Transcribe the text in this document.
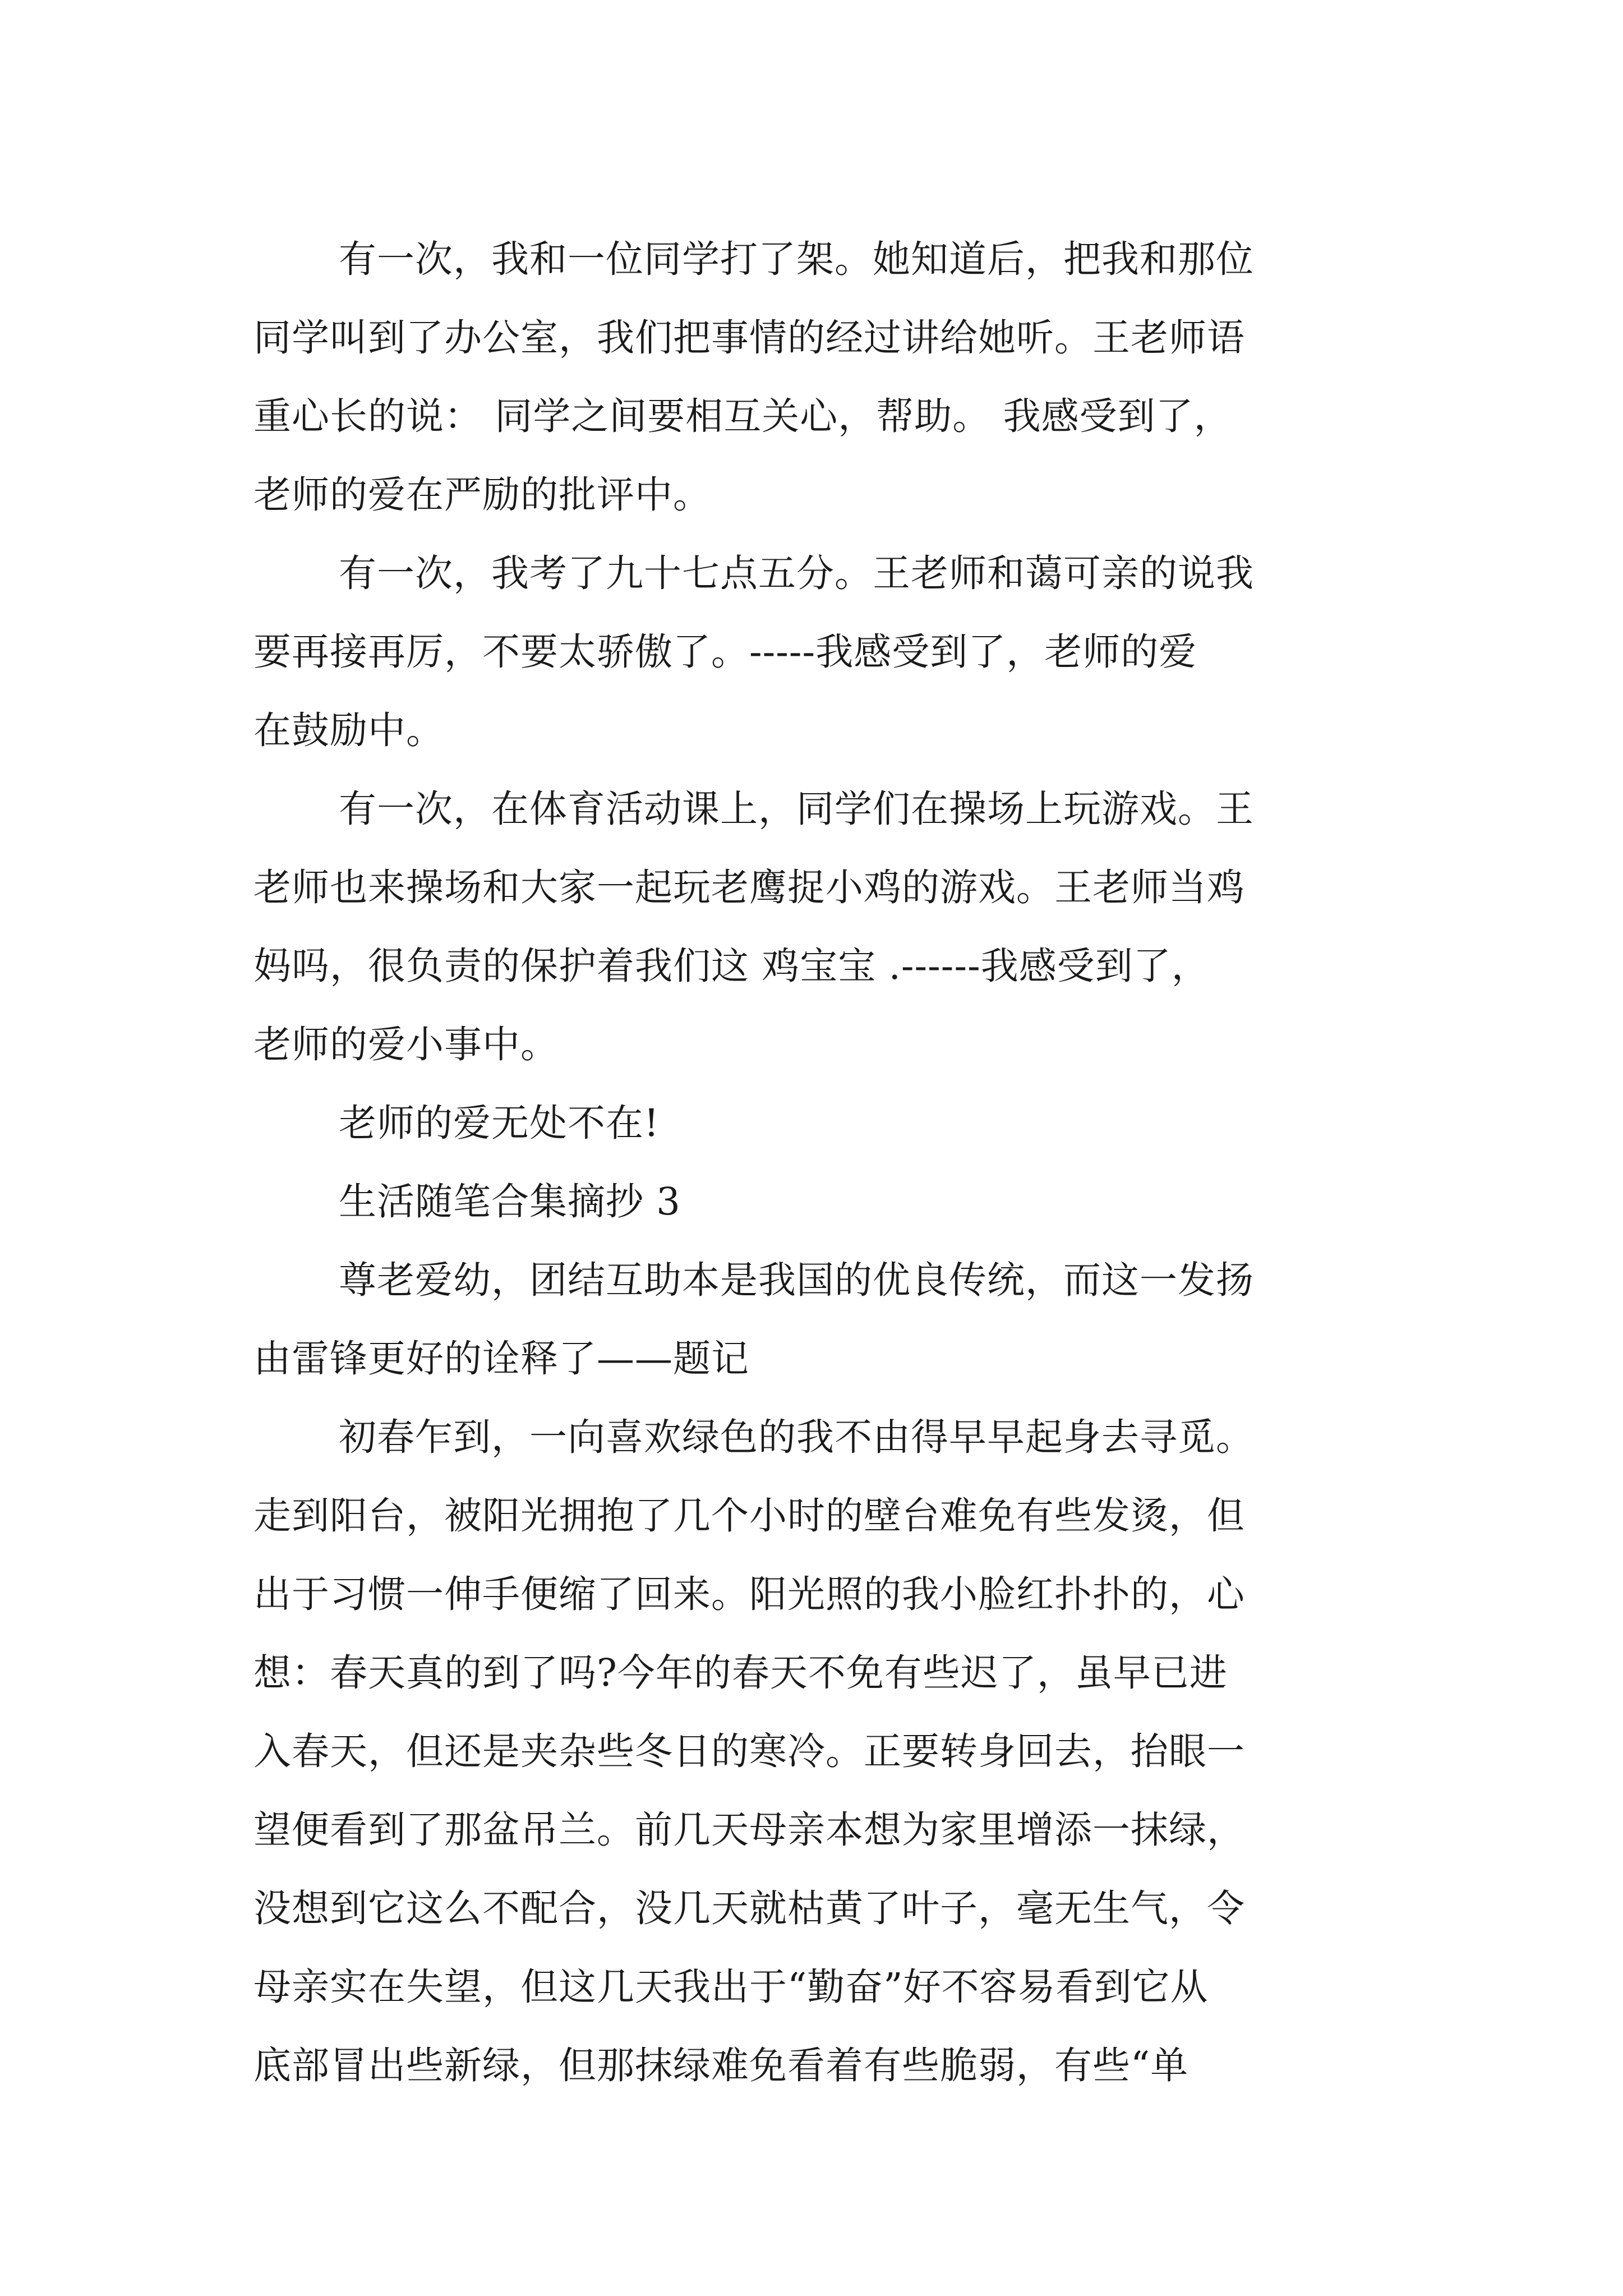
有一次，我和一位同学打了架。她知道后，把我和那位
同学叫到了办公室，我们把事情的经过讲给她听。王老师语
重心长的说： 同学之间要相互关心，帮助。 我感受到了，
老师的爱在严励的批评中。
有一次，我考了九十七点五分。王老师和蔼可亲的说我
要再接再厉，不要太骄傲了。-----我感受到了，老师的爱
在鼓励中。
有一次，在体育活动课上，同学们在操场上玩游戏。王
老师也来操场和大家一起玩老鹰捉小鸡的游戏。王老师当鸡
妈吗，很负责的保护着我们这 鸡宝宝 .------我感受到了，
老师的爱小事中。
老师的爱无处不在!
生活随笔合集摘抄 3
尊老爱幼，团结互助本是我国的优良传统，而这一发扬
由雷锋更好的诠释了——题记
初春乍到，一向喜欢绿色的我不由得早早起身去寻觅。
走到阳台，被阳光拥抱了几个小时的壁台难免有些发烫，但
出于习惯一伸手便缩了回来。阳光照的我小脸红扑扑的，心
想：春天真的到了吗?今年的春天不免有些迟了，虽早已进
入春天，但还是夹杂些冬日的寒冷。正要转身回去，抬眼一
望便看到了那盆吊兰。前几天母亲本想为家里增添一抹绿，
没想到它这么不配合，没几天就枯黄了叶子，毫无生气，令
母亲实在失望，但这几天我出于“勤奋”好不容易看到它从
底部冒出些新绿，但那抹绿难免看着有些脆弱，有些“单
